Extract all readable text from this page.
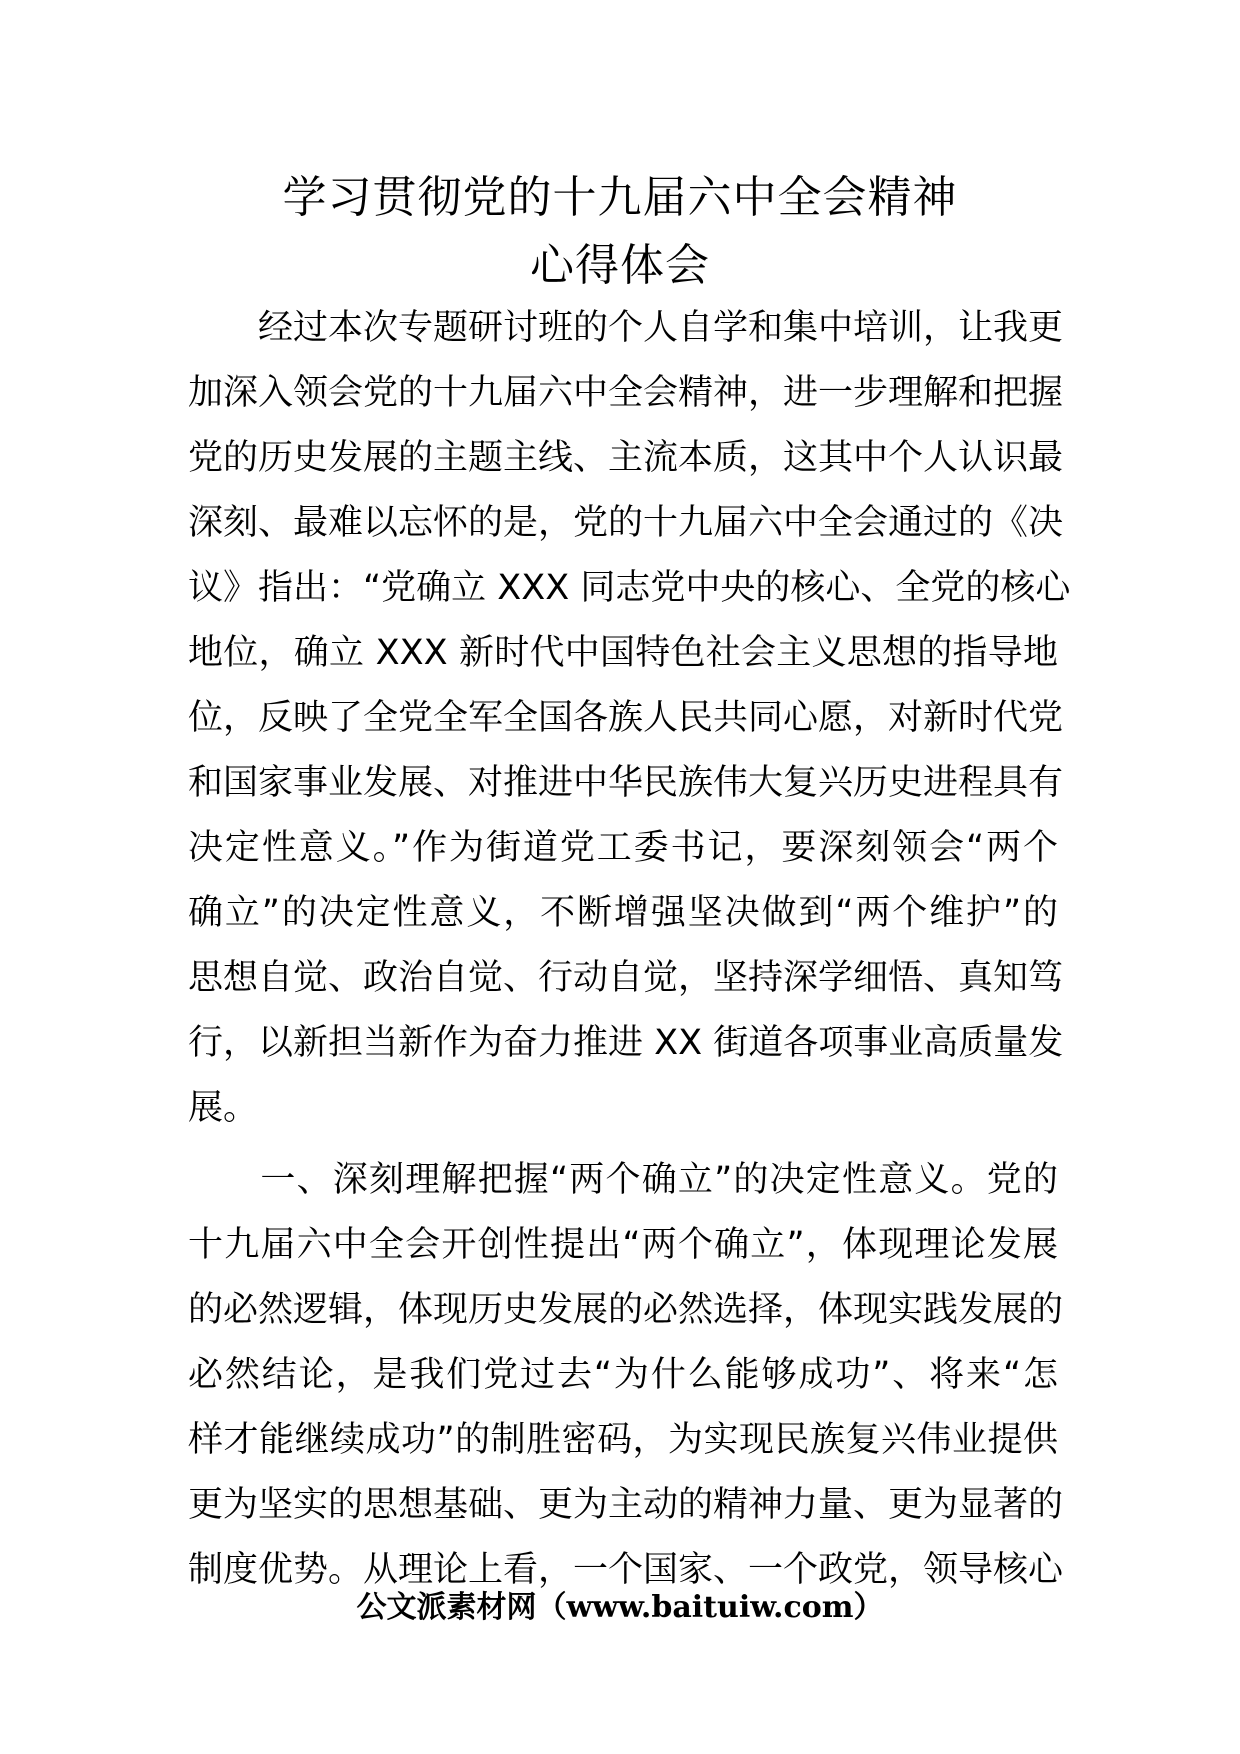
学习贯彻党的十九届六中全会精神
心得体会
　　经过本次专题研讨班的个人自学和集中培训，让我更
加深入领会党的十九届六中全会精神，进一步理解和把握
党的历史发展的主题主线、主流本质，这其中个人认识最
深刻、最难以忘怀的是，党的十九届六中全会通过的《决
议》指出：“党确立 XXX 同志党中央的核心、全党的核心
地位，确立 XXX 新时代中国特色社会主义思想的指导地
位，反映了全党全军全国各族人民共同心愿，对新时代党
和国家事业发展、对推进中华民族伟大复兴历史进程具有
决定性意义。”作为街道党工委书记，要深刻领会“两个
确立”的决定性意义，不断增强坚决做到“两个维护”的
思想自觉、政治自觉、行动自觉，坚持深学细悟、真知笃
行，以新担当新作为奋力推进 XX 街道各项事业高质量发
展。
　　一、深刻理解把握“两个确立”的决定性意义。党的
十九届六中全会开创性提出“两个确立”，体现理论发展
的必然逻辑，体现历史发展的必然选择，体现实践发展的
必然结论，是我们党过去“为什么能够成功”、将来“怎
样才能继续成功”的制胜密码，为实现民族复兴伟业提供
更为坚实的思想基础、更为主动的精神力量、更为显著的
制度优势。从理论上看，一个国家、一个政党，领导核心
公文派素材网（www.baituiw.com）
